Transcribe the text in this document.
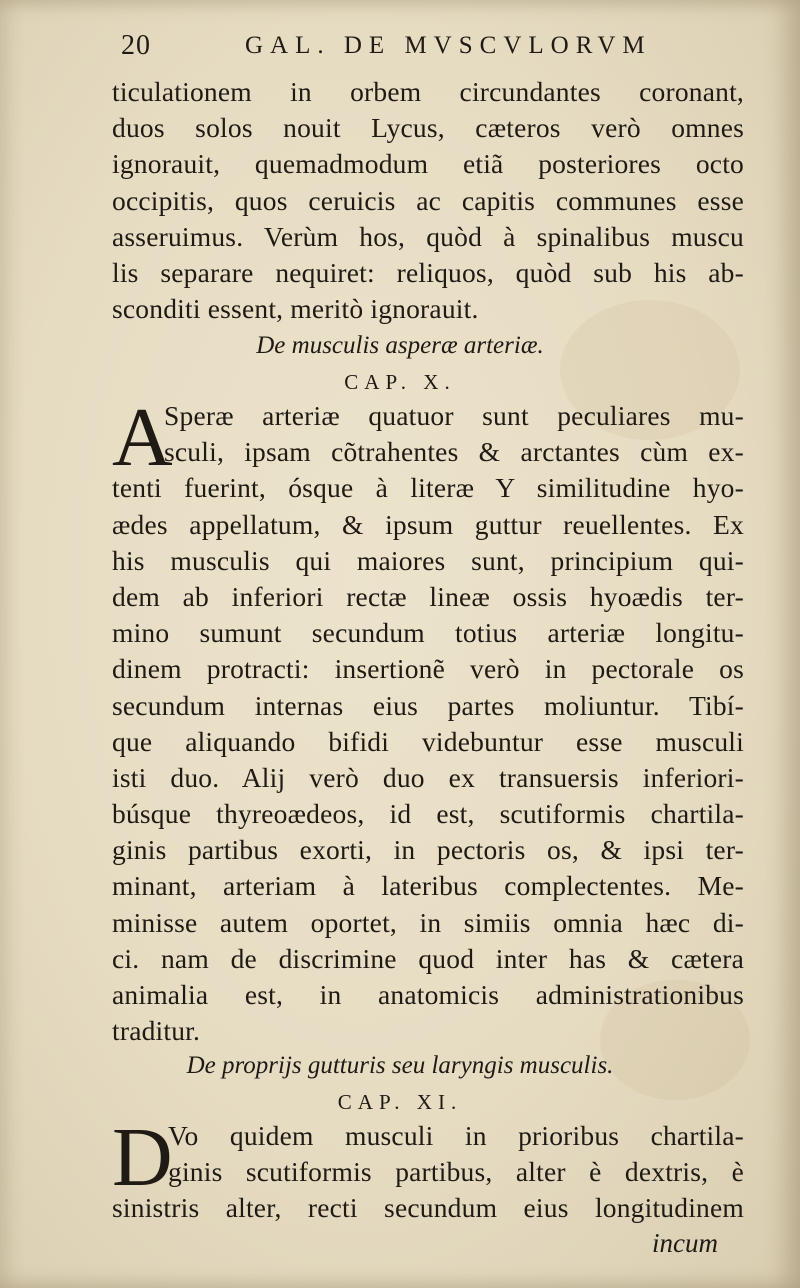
20	GAL. DE MVSCVLORVM
ticulationem in orbem circundantes coronant,
duos solos nouit Lycus, cæteros verò omnes
ignorauit, quemadmodum etiã posteriores octo
occipitis, quos ceruicis ac capitis communes esse
asseruimus. Verùm hos, quòd à spinalibus muscu
lis separare nequiret: reliquos, quòd sub his ab-
sconditi essent, meritò ignorauit.
De musculis asperæ arteriæ.
CAP. X.
A
Speræ arteriæ quatuor sunt peculiares mu-
sculi, ipsam cõtrahentes & arctantes cùm ex-
tenti fuerint, ósque à literæ Y similitudine hyo-
ædes appellatum, & ipsum guttur reuellentes. Ex
his musculis qui maiores sunt, principium qui-
dem ab inferiori rectæ lineæ ossis hyoædis ter-
mino sumunt secundum totius arteriæ longitu-
dinem protracti: insertionẽ verò in pectorale os
secundum internas eius partes moliuntur. Tibí-
que aliquando bifidi videbuntur esse musculi
isti duo. Alij verò duo ex transuersis inferiori-
búsque thyreoædeos, id est, scutiformis chartila-
ginis partibus exorti, in pectoris os, & ipsi ter-
minant, arteriam à lateribus complectentes. Me-
minisse autem oportet, in simiis omnia hæc di-
ci. nam de discrimine quod inter has & cætera
animalia est, in anatomicis administrationibus
traditur.
De proprijs gutturis seu laryngis musculis.
CAP. XI.
D
Vo quidem musculi in prioribus chartila-
ginis scutiformis partibus, alter è dextris, è
sinistris alter, recti secundum eius longitudinem
incum
